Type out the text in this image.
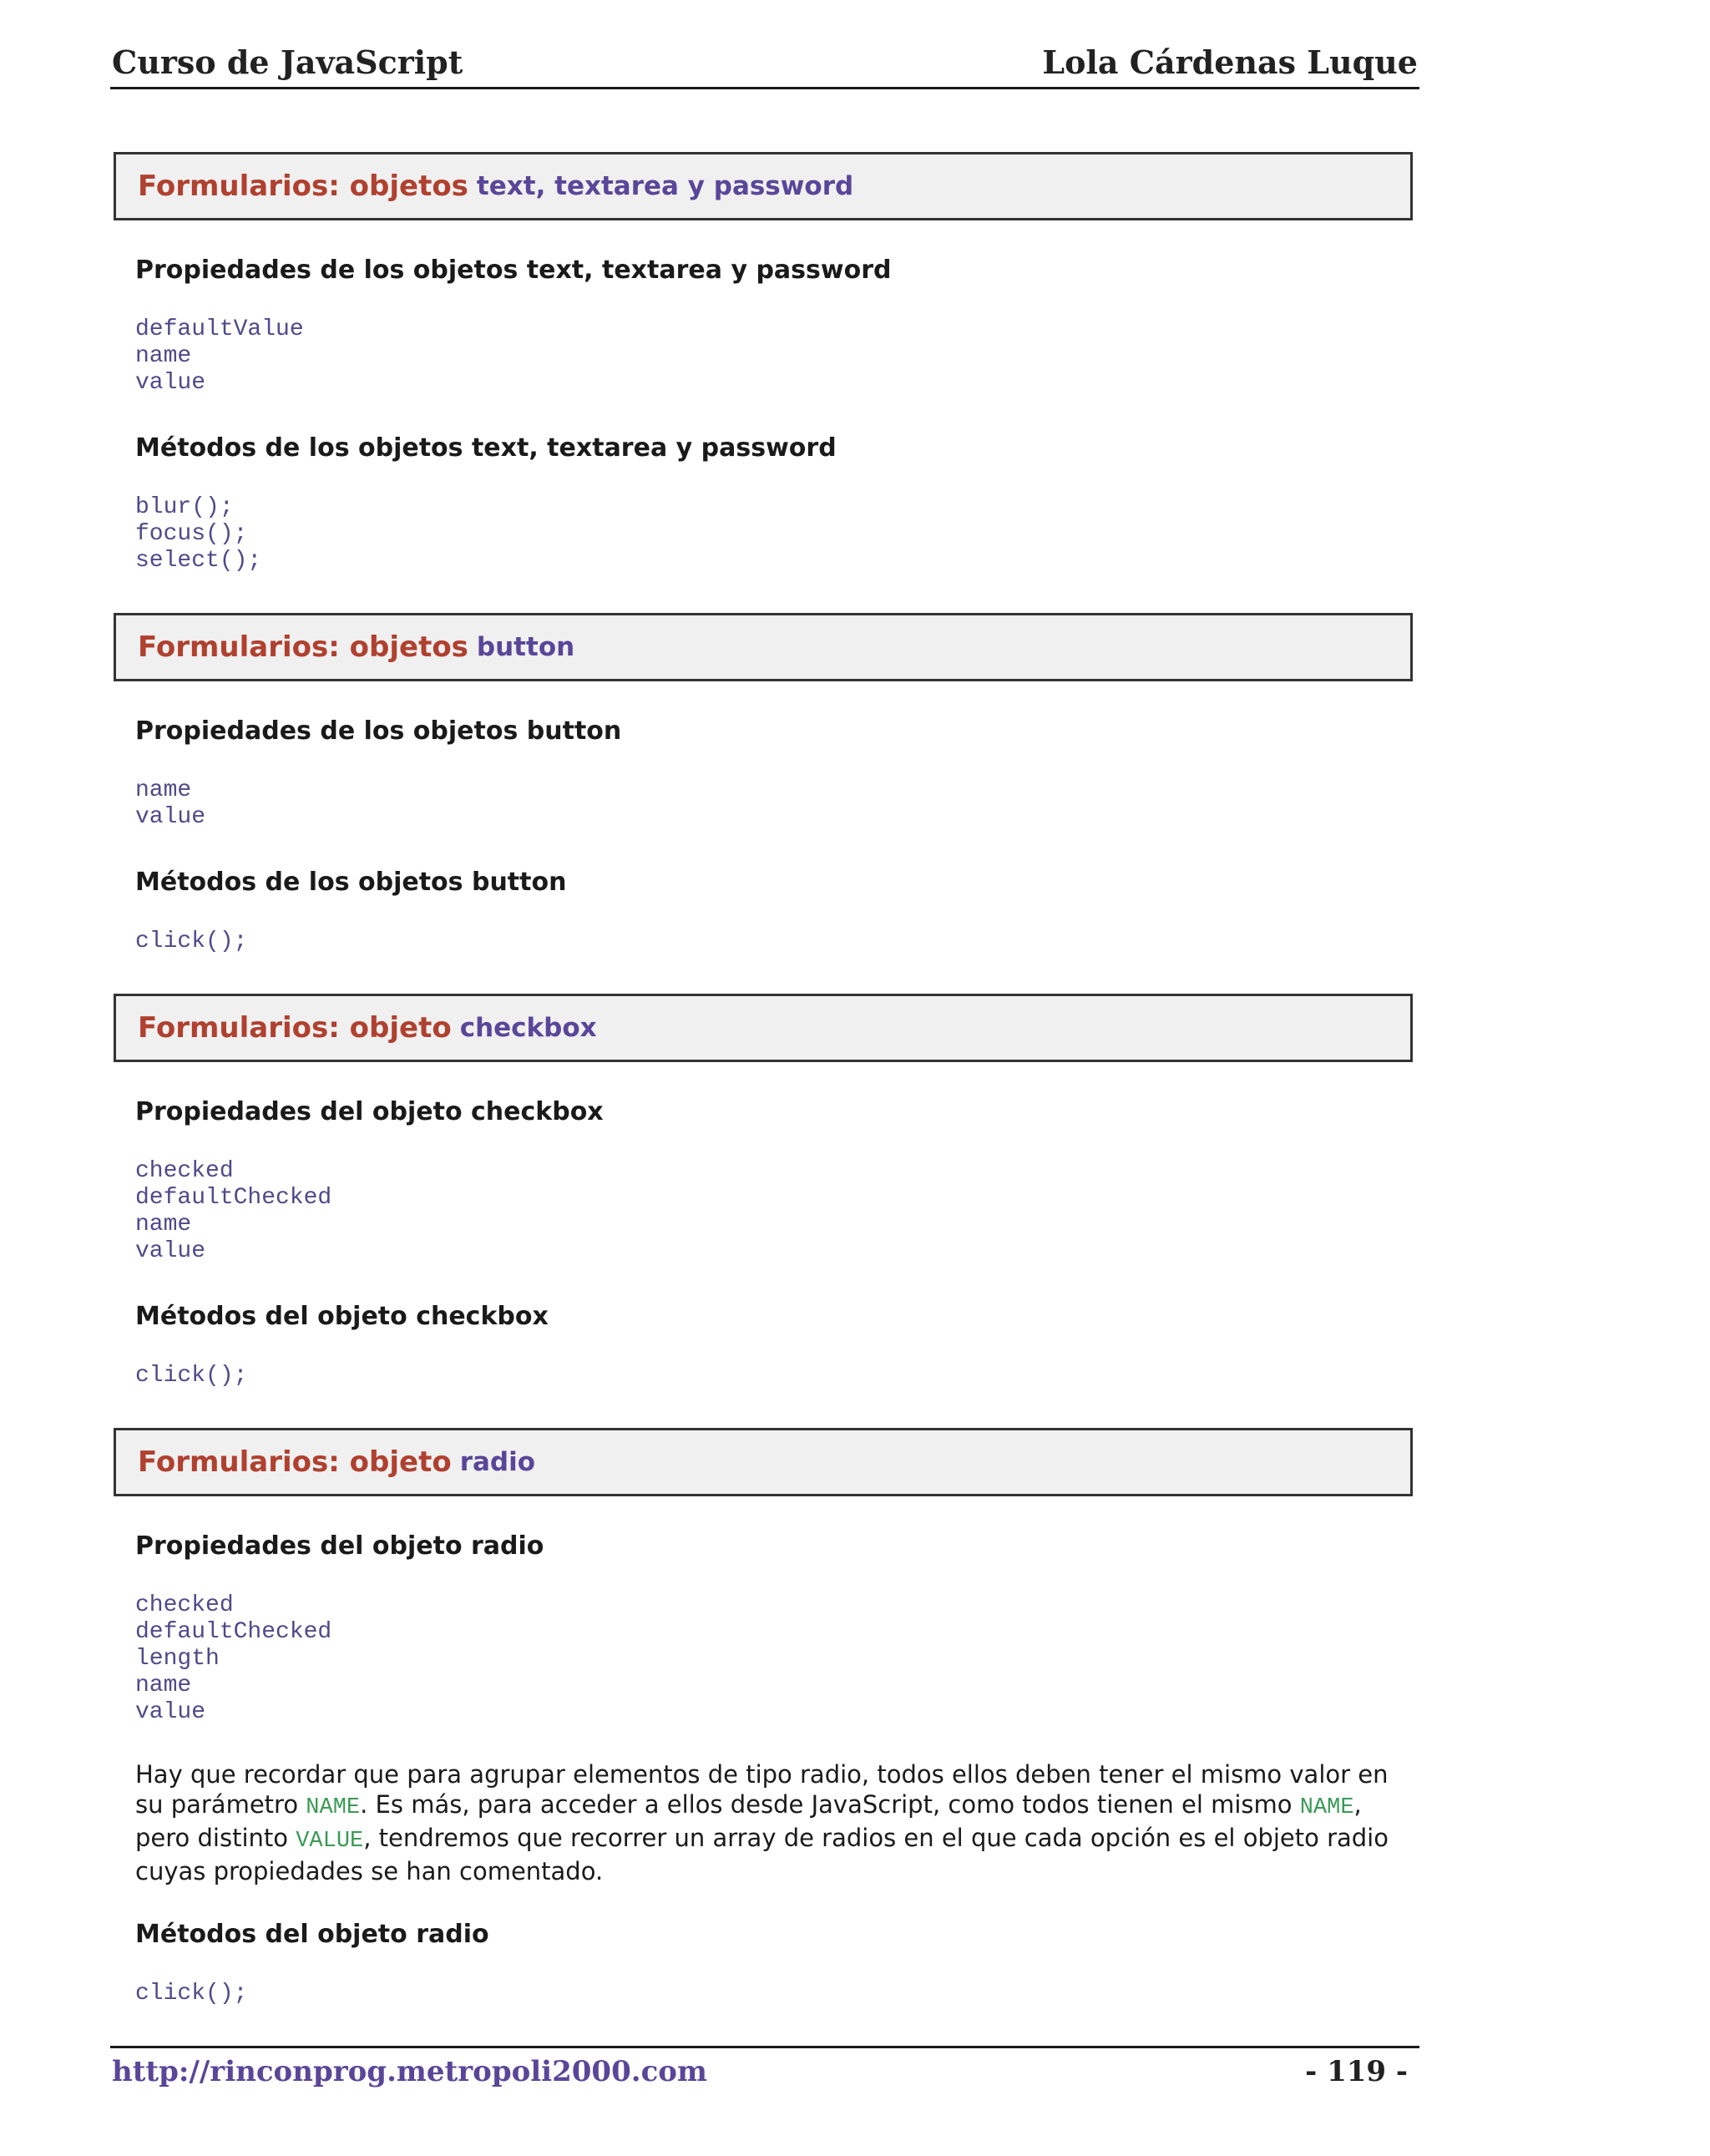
Curso de JavaScript	Lola Cárdenas Luque
Formularios: objetos text, textarea y password
Propiedades de los objetos text, textarea y password
defaultValue
name
value
Métodos de los objetos text, textarea y password
blur();
focus();
select();
Formularios: objetos button
Propiedades de los objetos button
name
value
Métodos de los objetos button
click();
Formularios: objeto checkbox
Propiedades del objeto checkbox
checked
defaultChecked
name
value
Métodos del objeto checkbox
click();
Formularios: objeto radio
Propiedades del objeto radio
checked
defaultChecked
length
name
value
Hay que recordar que para agrupar elementos de tipo radio, todos ellos deben tener el mismo valor en su parámetro NAME. Es más, para acceder a ellos desde JavaScript, como todos tienen el mismo NAME, pero distinto VALUE, tendremos que recorrer un array de radios en el que cada opción es el objeto radio cuyas propiedades se han comentado.
Métodos del objeto radio
click();
http://rinconprog.metropoli2000.com	- 119 -
